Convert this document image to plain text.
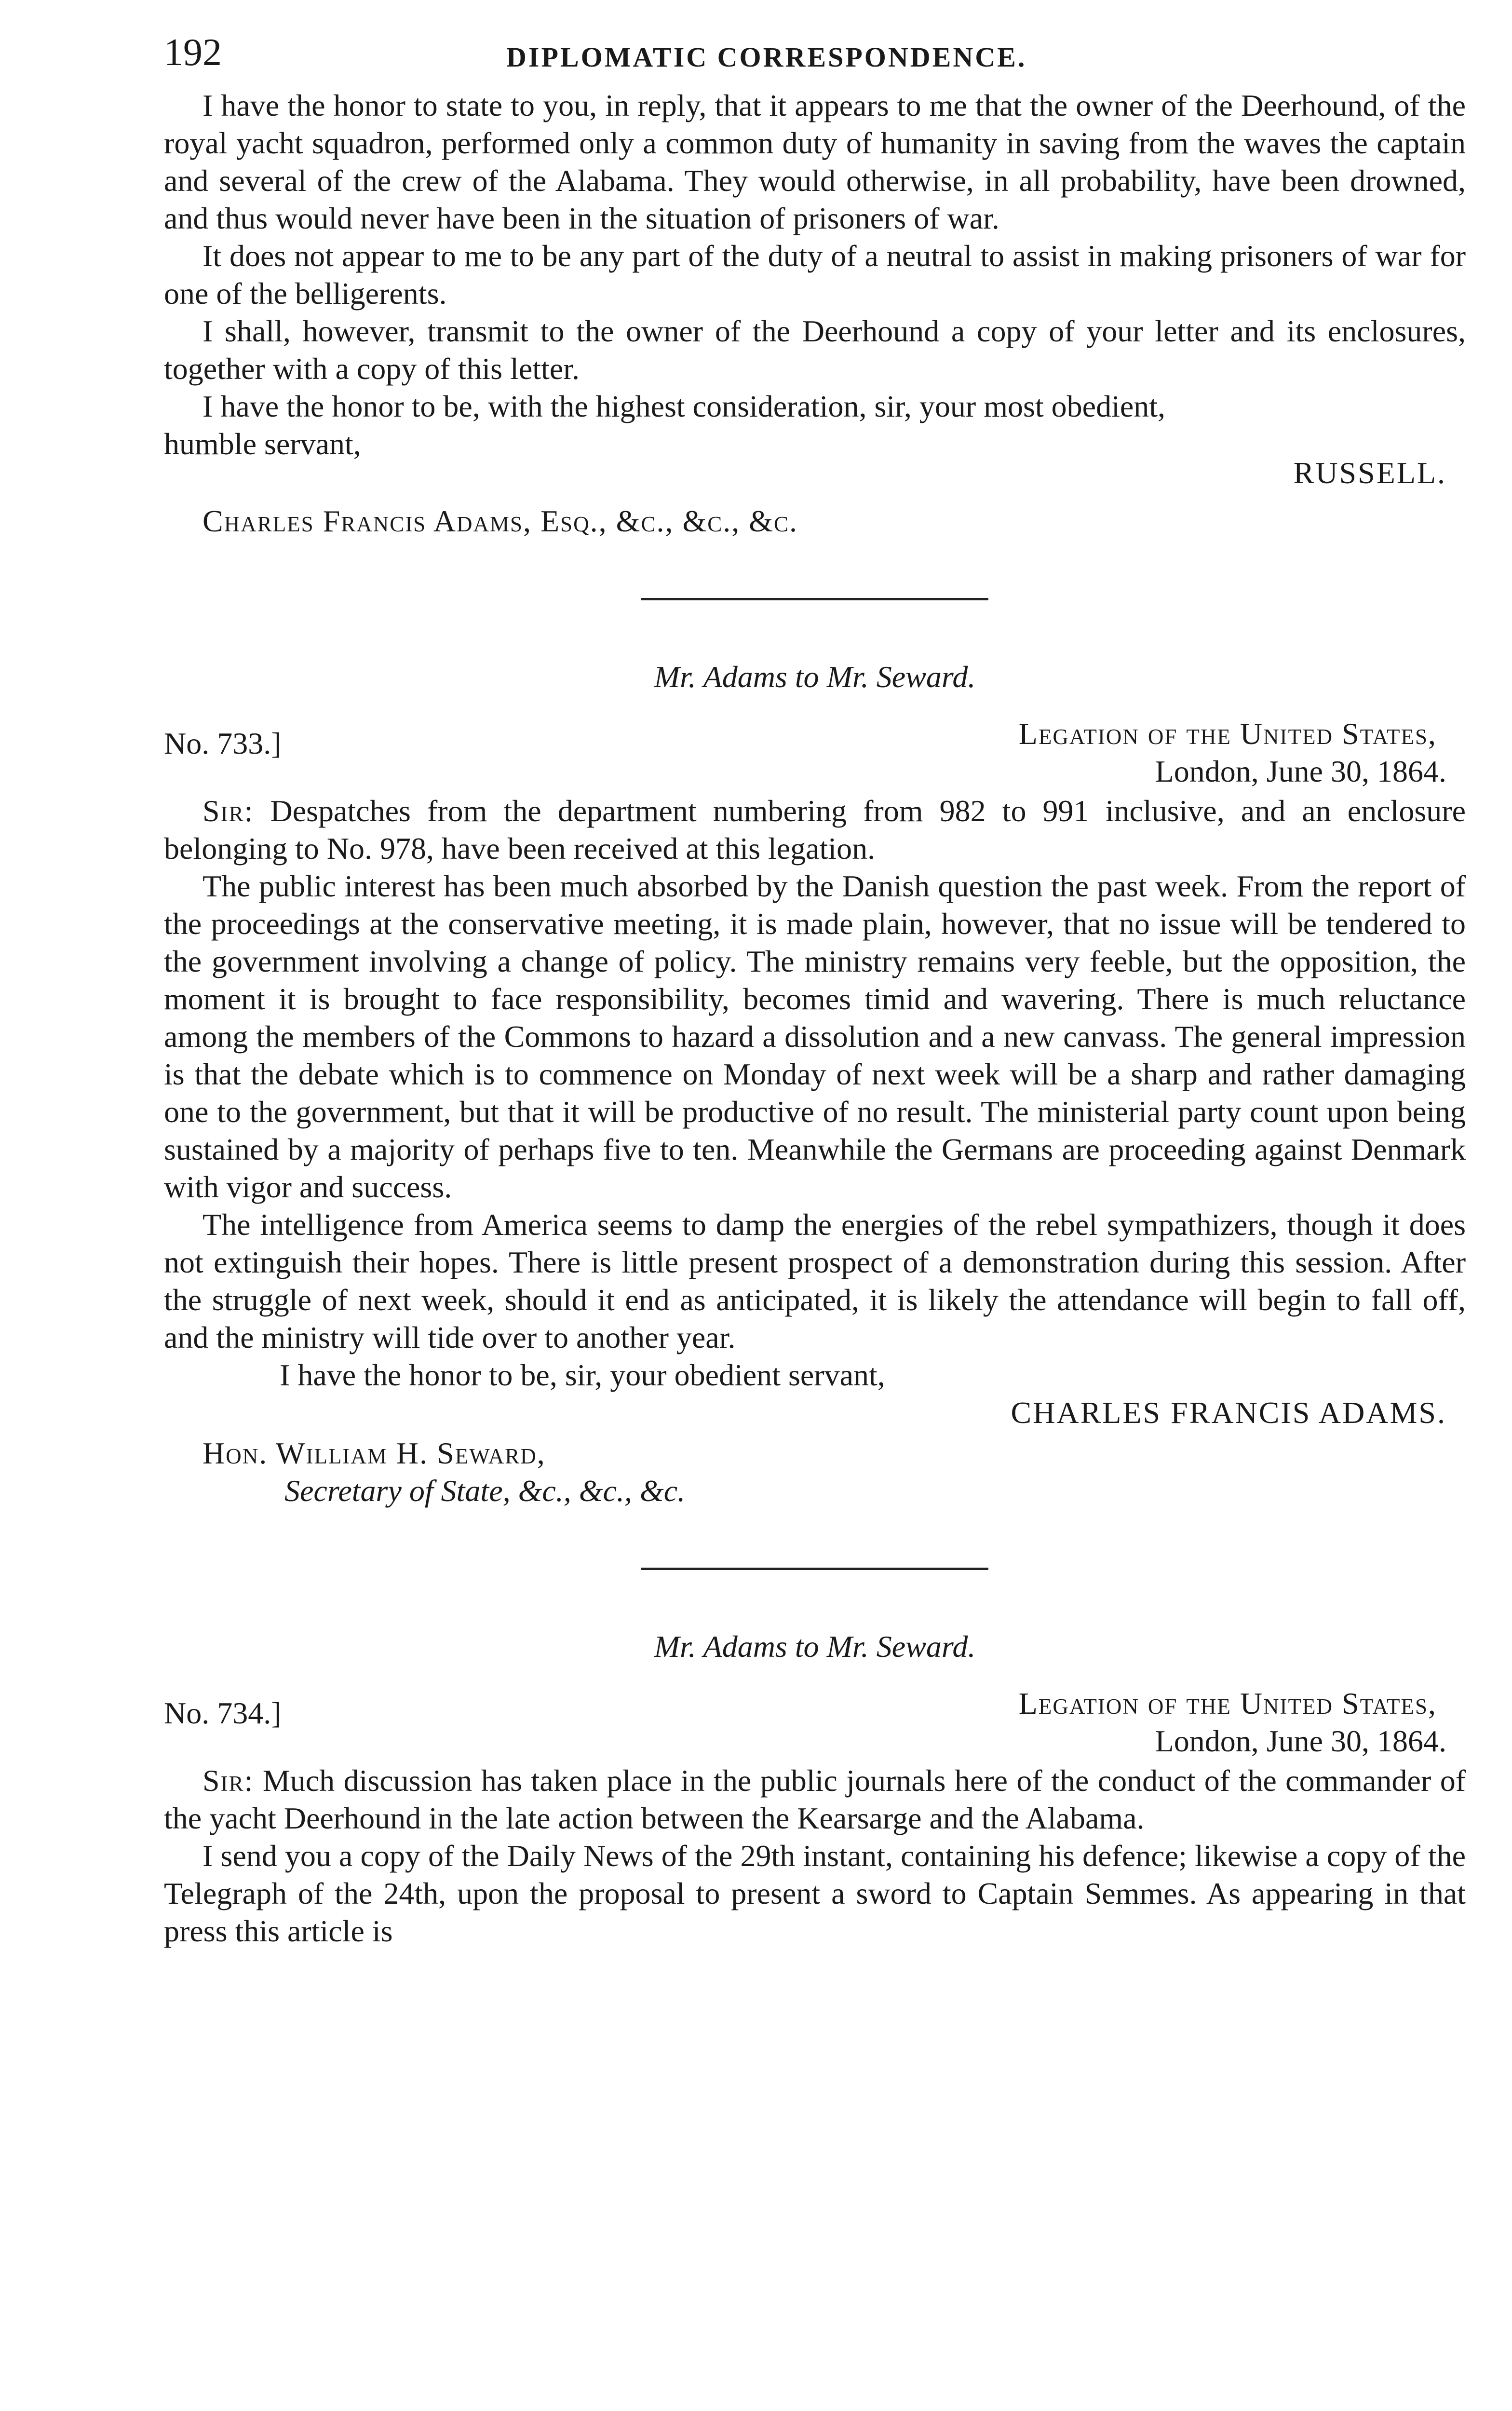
192	DIPLOMATIC CORRESPONDENCE.

I have the honor to state to you, in reply, that it appears to me that the owner of the Deerhound, of the royal yacht squadron, performed only a common duty of humanity in saving from the waves the captain and several of the crew of the Alabama. They would otherwise, in all probability, have been drowned, and thus would never have been in the situation of prisoners of war.

It does not appear to me to be any part of the duty of a neutral to assist in making prisoners of war for one of the belligerents.

I shall, however, transmit to the owner of the Deerhound a copy of your letter and its enclosures, together with a copy of this letter.

I have the honor to be, with the highest consideration, sir, your most obedient,

humble servant,
RUSSELL.
Charles Francis Adams, Esq., &c., &c., &c.
Mr. Adams to Mr. Seward.
No. 733.]	Legation of the United States,
London, June 30, 1864.

Sir: Despatches from the department numbering from 982 to 991 inclusive, and an enclosure belonging to No. 978, have been received at this legation.

The public interest has been much absorbed by the Danish question the past week. From the report of the proceedings at the conservative meeting, it is made plain, however, that no issue will be tendered to the government involving a change of policy. The ministry remains very feeble, but the opposition, the moment it is brought to face responsibility, becomes timid and wavering. There is much reluctance among the members of the Commons to hazard a dissolution and a new canvass. The general impression is that the debate which is to commence on Monday of next week will be a sharp and rather damaging one to the government, but that it will be productive of no result. The ministerial party count upon being sustained by a majority of perhaps five to ten. Meanwhile the Germans are proceeding against Denmark with vigor and success.

The intelligence from America seems to damp the energies of the rebel sympathizers, though it does not extinguish their hopes. There is little present prospect of a demonstration during this session. After the struggle of next week, should it end as anticipated, it is likely the attendance will begin to fall off, and the ministry will tide over to another year.

I have the honor to be, sir, your obedient servant,

CHARLES FRANCIS ADAMS.
Hon. William H. Seward,
Secretary of State, &c., &c., &c.
Mr. Adams to Mr. Seward.
No. 734.]	Legation of the United States,
London, June 30, 1864.

Sir: Much discussion has taken place in the public journals here of the conduct of the commander of the yacht Deerhound in the late action between the Kearsarge and the Alabama.

I send you a copy of the Daily News of the 29th instant, containing his defence; likewise a copy of the Telegraph of the 24th, upon the proposal to present a sword to Captain Semmes. As appearing in that press this article is
